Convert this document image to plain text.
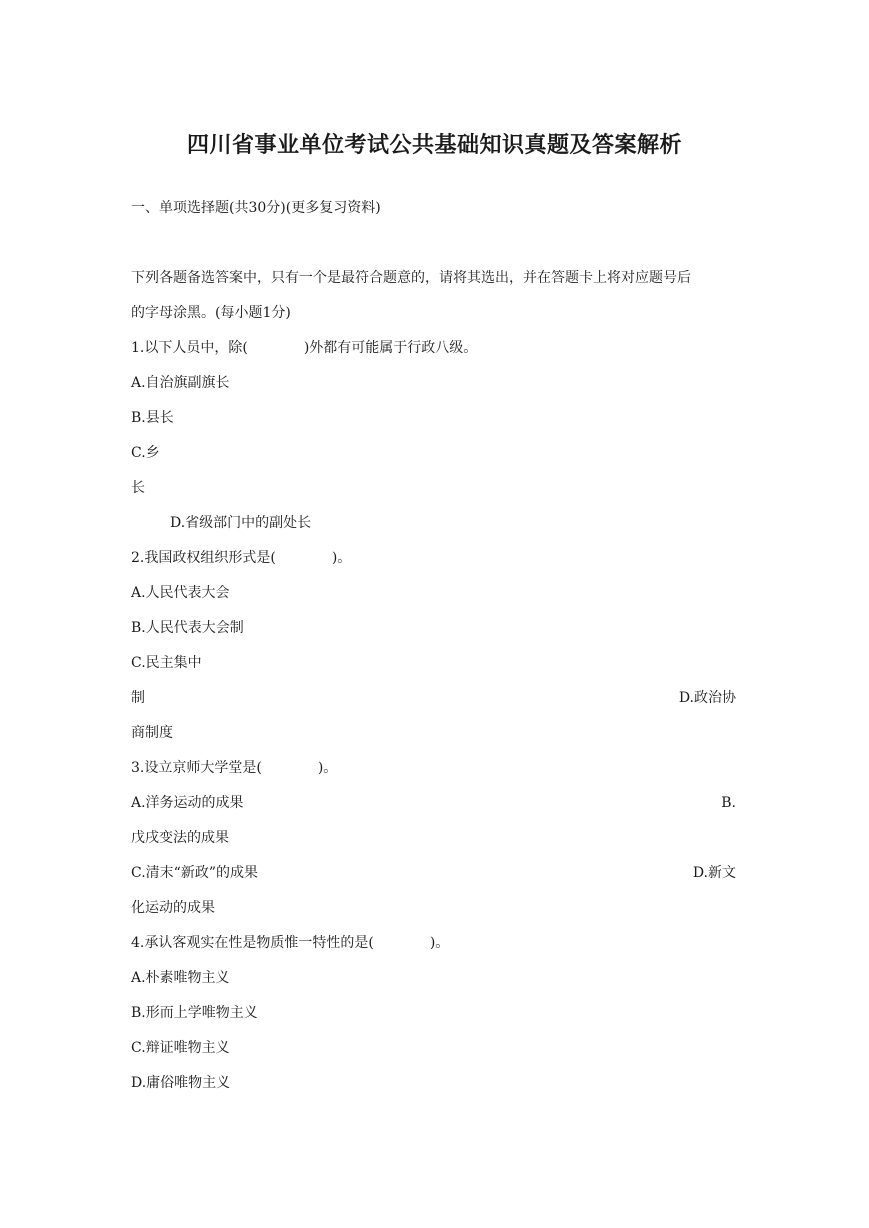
四川省事业单位考试公共基础知识真题及答案解析

一、单项选择题(共30分)(更多复习资料)

下列各题备选答案中，只有一个是最符合题意的，请将其选出，并在答题卡上将对应题号后

的字母涂黑。(每小题1分)

1.以下人员中，除(　　　　)外都有可能属于行政八级。

A.自治旗副旗长

B.县长

C.乡

长

D.省级部门中的副处长

2.我国政权组织形式是(　　　　)。

A.人民代表大会

B.人民代表大会制

C.民主集中

制	D.政治协

商制度

3.设立京师大学堂是(　　　　)。

A.洋务运动的成果	B.

戊戌变法的成果

C.清末“新政”的成果	D.新文

化运动的成果

4.承认客观实在性是物质惟一特性的是(　　　　)。

A.朴素唯物主义

B.形而上学唯物主义

C.辩证唯物主义

D.庸俗唯物主义
